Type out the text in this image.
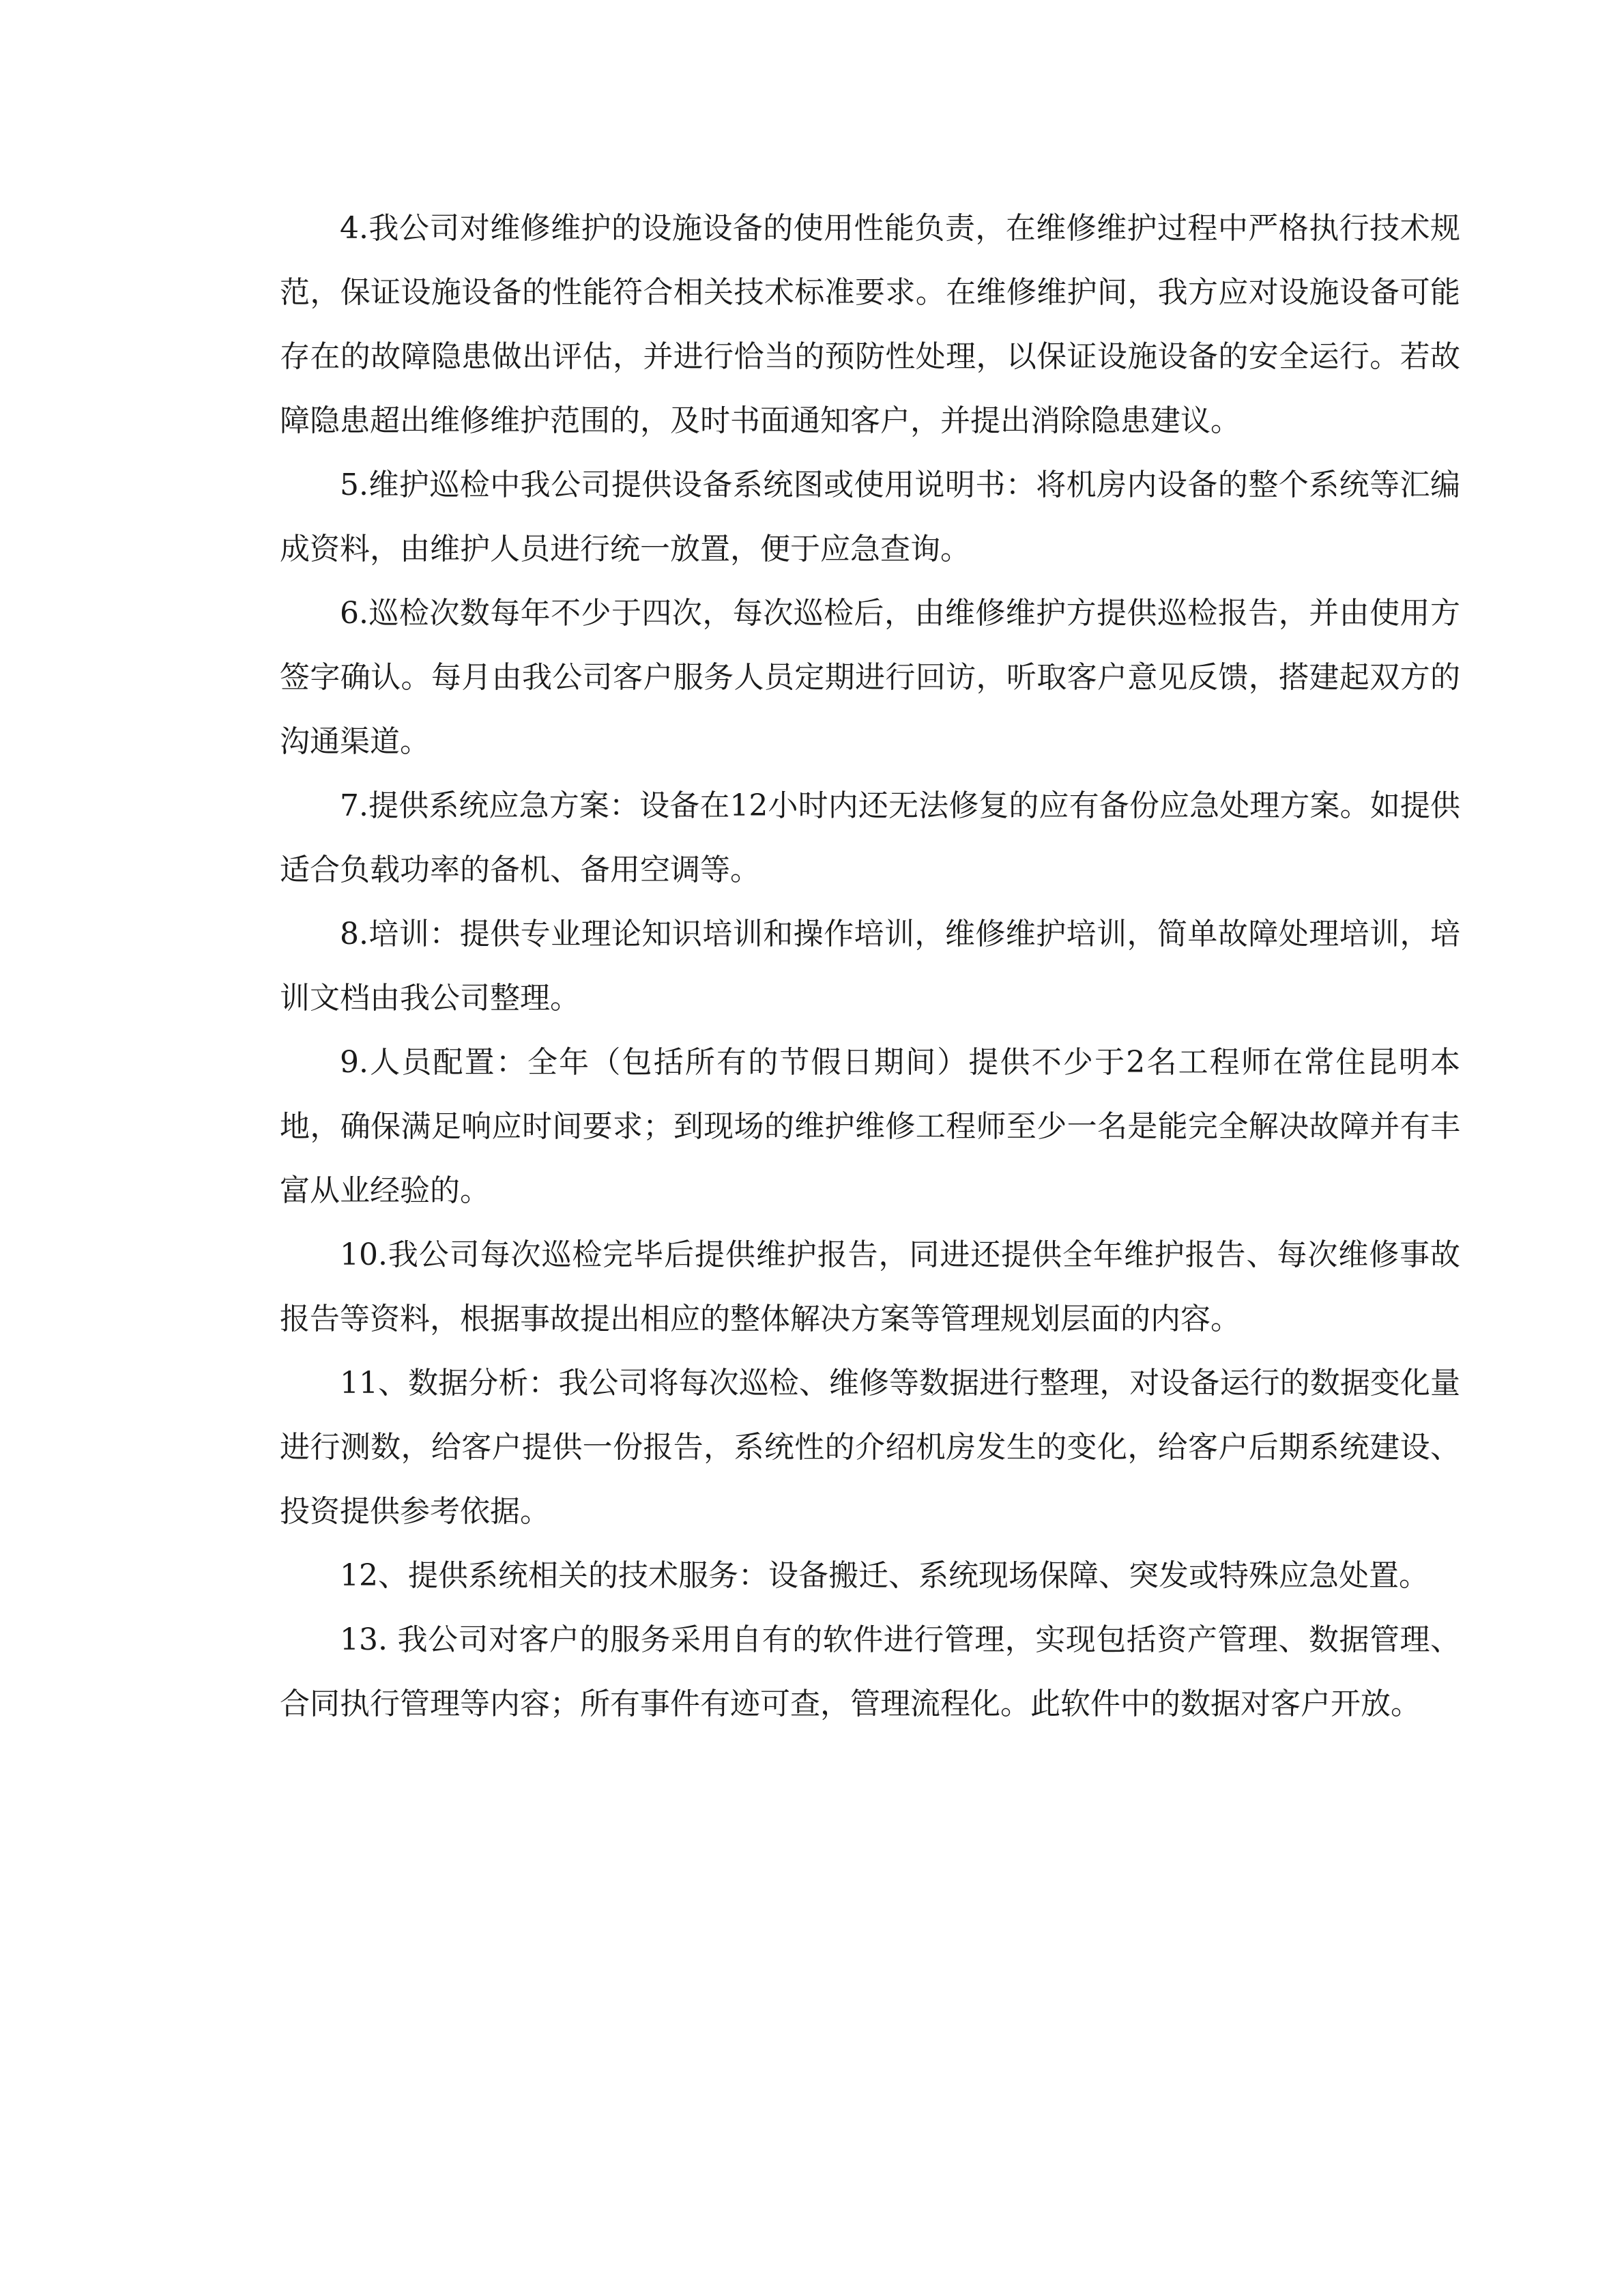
4.我公司对维修维护的设施设备的使用性能负责，在维修维护过程中严格执行技术规范，保证设施设备的性能符合相关技术标准要求。在维修维护间，我方应对设施设备可能存在的故障隐患做出评估，并进行恰当的预防性处理，以保证设施设备的安全运行。若故障隐患超出维修维护范围的，及时书面通知客户，并提出消除隐患建议。

5.维护巡检中我公司提供设备系统图或使用说明书：将机房内设备的整个系统等汇编成资料，由维护人员进行统一放置，便于应急查询。

6.巡检次数每年不少于四次，每次巡检后，由维修维护方提供巡检报告，并由使用方签字确认。每月由我公司客户服务人员定期进行回访，听取客户意见反馈，搭建起双方的沟通渠道。

7.提供系统应急方案：设备在12小时内还无法修复的应有备份应急处理方案。如提供适合负载功率的备机、备用空调等。

8.培训：提供专业理论知识培训和操作培训，维修维护培训，简单故障处理培训，培训文档由我公司整理。

9.人员配置：全年（包括所有的节假日期间）提供不少于2名工程师在常住昆明本地，确保满足响应时间要求；到现场的维护维修工程师至少一名是能完全解决故障并有丰富从业经验的。

10.我公司每次巡检完毕后提供维护报告，同进还提供全年维护报告、每次维修事故报告等资料，根据事故提出相应的整体解决方案等管理规划层面的内容。

11、数据分析：我公司将每次巡检、维修等数据进行整理，对设备运行的数据变化量进行测数，给客户提供一份报告，系统性的介绍机房发生的变化，给客户后期系统建设、投资提供参考依据。

12、提供系统相关的技术服务：设备搬迁、系统现场保障、突发或特殊应急处置。

13. 我公司对客户的服务采用自有的软件进行管理，实现包括资产管理、数据管理、合同执行管理等内容；所有事件有迹可查，管理流程化。此软件中的数据对客户开放。
